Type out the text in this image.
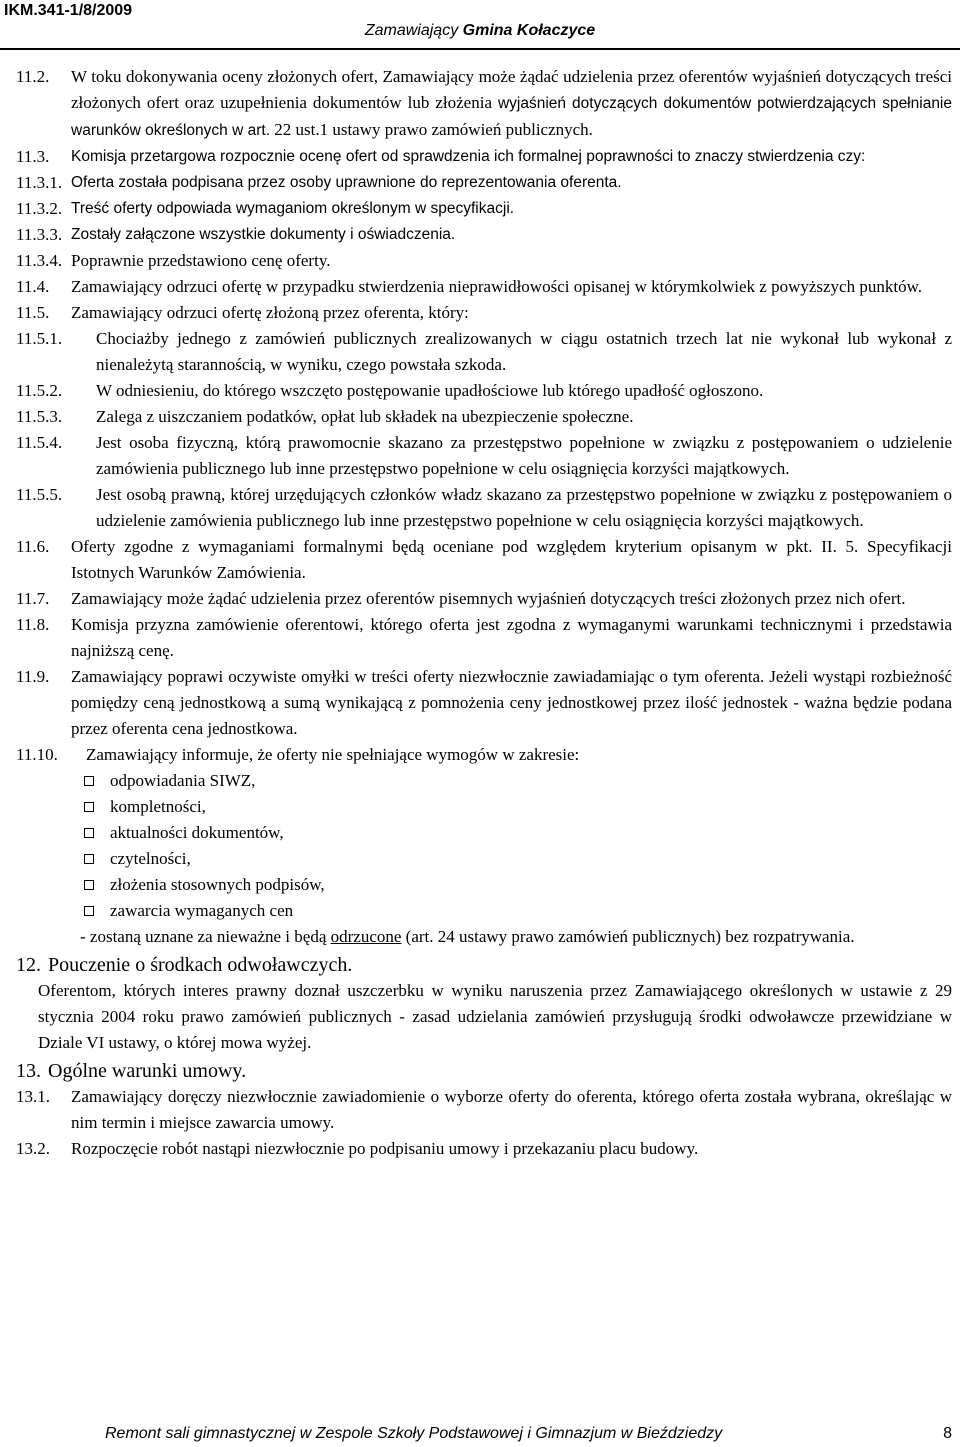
IKM.341-1/8/2009
Zamawiający Gmina Kołaczyce
11.2.	W toku dokonywania oceny złożonych ofert, Zamawiający może żądać udzielenia przez oferentów wyjaśnień dotyczących treści złożonych ofert oraz uzupełnienia dokumentów lub złożenia wyjaśnień dotyczących dokumentów potwierdzających spełnianie warunków określonych w art. 22 ust.1 ustawy prawo zamówień publicznych.
11.3.	Komisja przetargowa rozpocznie ocenę ofert od sprawdzenia ich formalnej poprawności to znaczy stwierdzenia czy:
11.3.1. Oferta została podpisana przez osoby uprawnione do reprezentowania oferenta.
11.3.2. Treść oferty odpowiada wymaganiom określonym w specyfikacji.
11.3.3. Zostały załączone wszystkie dokumenty i oświadczenia.
11.3.4. Poprawnie przedstawiono cenę oferty.
11.4.	Zamawiający odrzuci ofertę w przypadku stwierdzenia nieprawidłowości opisanej w którymkolwiek z powyższych punktów.
11.5.	Zamawiający odrzuci ofertę złożoną przez oferenta, który:
11.5.1.	Chociażby jednego z zamówień publicznych zrealizowanych w ciągu ostatnich trzech lat nie wykonał lub wykonał z nienależytą starannością, w wyniku, czego powstała szkoda.
11.5.2.	W odniesieniu, do którego wszczęto postępowanie upadłościowe lub którego upadłość ogłoszono.
11.5.3.	Zalega z uiszczaniem podatków, opłat lub składek na ubezpieczenie społeczne.
11.5.4.	Jest osoba fizyczną, którą prawomocnie skazano za przestępstwo popełnione w związku z postępowaniem o udzielenie zamówienia publicznego lub inne przestępstwo popełnione w celu osiągnięcia korzyści majątkowych.
11.5.5.	Jest osobą prawną, której urzędujących członków władz skazano za przestępstwo popełnione w związku z postępowaniem o udzielenie zamówienia publicznego lub inne przestępstwo popełnione w celu osiągnięcia korzyści majątkowych.
11.6.	Oferty zgodne z wymaganiami formalnymi będą oceniane pod względem kryterium opisanym w pkt. II. 5. Specyfikacji Istotnych Warunków Zamówienia.
11.7.	Zamawiający może żądać udzielenia przez oferentów pisemnych wyjaśnień dotyczących treści złożonych przez nich ofert.
11.8.	Komisja przyzna zamówienie oferentowi, którego oferta jest zgodna z wymaganymi warunkami technicznymi i przedstawia najniższą cenę.
11.9.	Zamawiający poprawi oczywiste omyłki w treści oferty niezwłocznie zawiadamiając o tym oferenta. Jeżeli wystąpi rozbieżność pomiędzy ceną jednostkową a sumą wynikającą z pomnożenia ceny jednostkowej przez ilość jednostek - ważna będzie podana przez oferenta cena jednostkowa.
11.10.	Zamawiający informuje, że oferty nie spełniające wymogów w zakresie:
odpowiadania SIWZ,
kompletności,
aktualności dokumentów,
czytelności,
złożenia stosownych podpisów,
zawarcia wymaganych cen
- zostaną uznane za nieważne i będą odrzucone (art. 24 ustawy prawo zamówień publicznych) bez rozpatrywania.
12. Pouczenie o środkach odwoławczych.
Oferentom, których interes prawny doznał uszczerbku w wyniku naruszenia przez Zamawiającego określonych w ustawie z 29 stycznia 2004 roku prawo zamówień publicznych - zasad udzielania zamówień przysługują środki odwoławcze przewidziane w Dziale VI ustawy, o której mowa wyżej.
13. Ogólne warunki umowy.
13.1.	Zamawiający doręczy niezwłocznie zawiadomienie o wyborze oferty do oferenta, którego oferta została wybrana, określając w nim termin i miejsce zawarcia umowy.
13.2.	Rozpoczęcie robót nastąpi niezwłocznie po podpisaniu umowy i przekazaniu placu budowy.
Remont sali gimnastycznej w Zespole Szkoły Podstawowej i Gimnazjum w Bieździedzy	8
